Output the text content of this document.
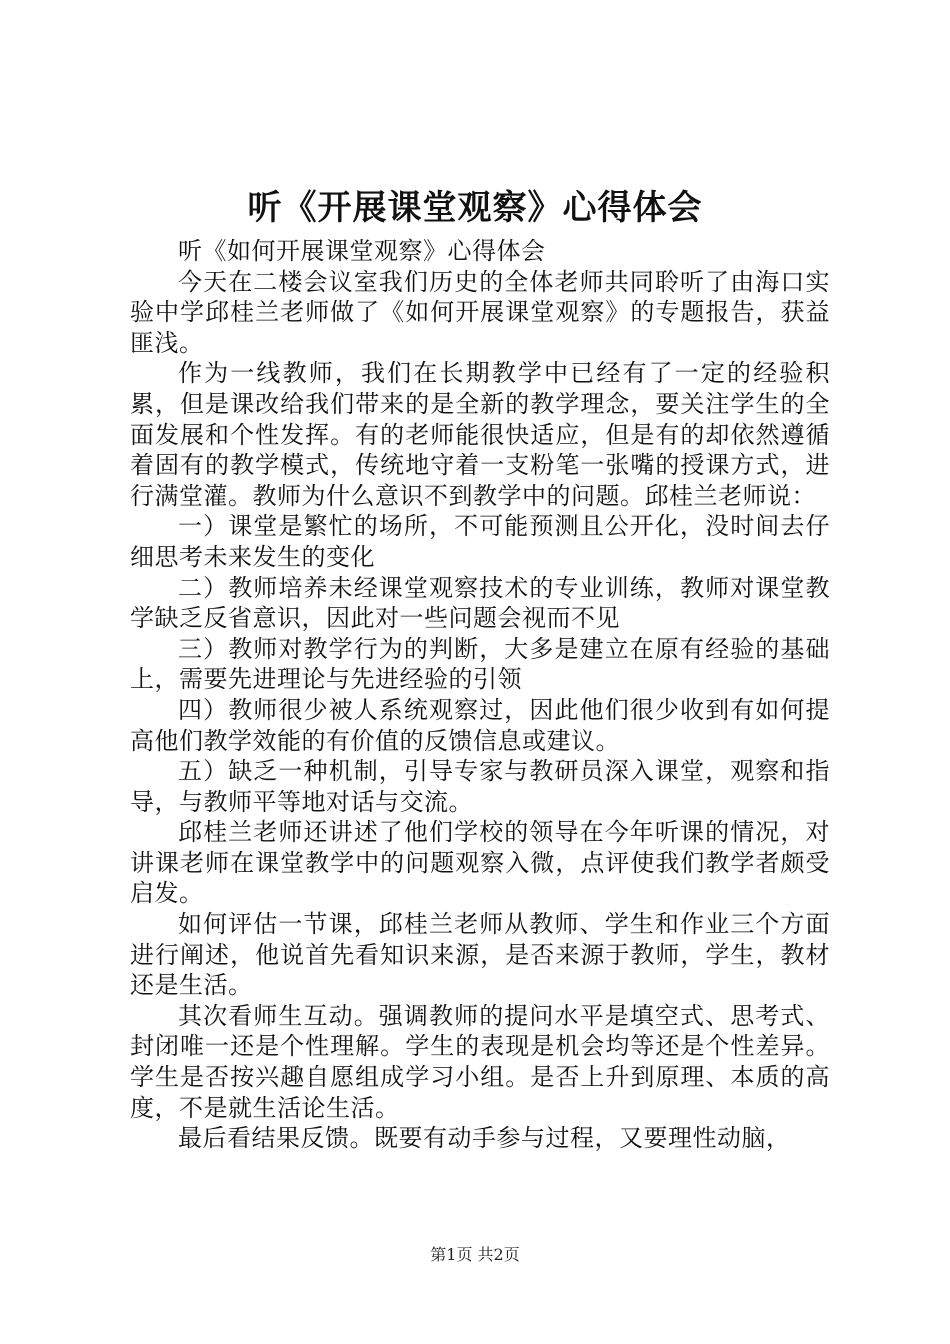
听《开展课堂观察》心得体会

听《如何开展课堂观察》心得体会

今天在二楼会议室我们历史的全体老师共同聆听了由海口实验中学邱桂兰老师做了《如何开展课堂观察》的专题报告，获益匪浅。

作为一线教师，我们在长期教学中已经有了一定的经验积累，但是课改给我们带来的是全新的教学理念，要关注学生的全面发展和个性发挥。有的老师能很快适应，但是有的却依然遵循着固有的教学模式，传统地守着一支粉笔一张嘴的授课方式，进行满堂灌。教师为什么意识不到教学中的问题。邱桂兰老师说：

一）课堂是繁忙的场所，不可能预测且公开化，没时间去仔细思考未来发生的变化

二）教师培养未经课堂观察技术的专业训练，教师对课堂教学缺乏反省意识，因此对一些问题会视而不见

三）教师对教学行为的判断，大多是建立在原有经验的基础上，需要先进理论与先进经验的引领

四）教师很少被人系统观察过，因此他们很少收到有如何提高他们教学效能的有价值的反馈信息或建议。

五）缺乏一种机制，引导专家与教研员深入课堂，观察和指导，与教师平等地对话与交流。

邱桂兰老师还讲述了他们学校的领导在今年听课的情况，对讲课老师在课堂教学中的问题观察入微，点评使我们教学者颇受启发。

如何评估一节课，邱桂兰老师从教师、学生和作业三个方面进行阐述，他说首先看知识来源，是否来源于教师，学生，教材还是生活。

其次看师生互动。强调教师的提问水平是填空式、思考式、封闭唯一还是个性理解。学生的表现是机会均等还是个性差异。学生是否按兴趣自愿组成学习小组。是否上升到原理、本质的高度，不是就生活论生活。

最后看结果反馈。既要有动手参与过程，又要理性动脑，

第1页 共2页
